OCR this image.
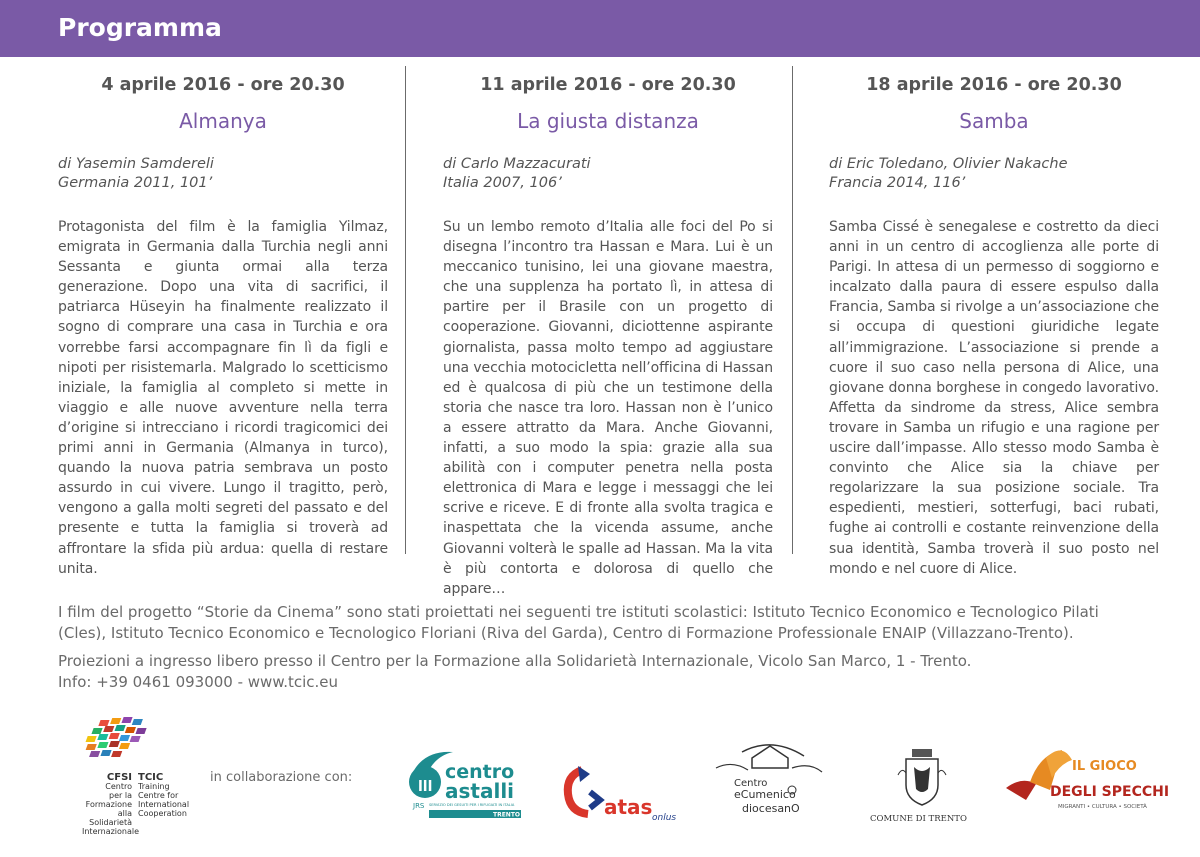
Programma
4 aprile 2016 - ore 20.30
Almanya
di Yasemin Samdereli
Germania 2011, 101’
Protagonista del film è la famiglia Yilmaz, emigrata in Germania dalla Turchia negli anni Sessanta e giunta ormai alla terza generazione. Dopo una vita di sacrifici, il patriarca Hüseyin ha finalmente realizzato il sogno di comprare una casa in Turchia e ora vorrebbe farsi accompagnare fin lì da figli e nipoti per risistemarla. Malgrado lo scetticismo iniziale, la famiglia al completo si mette in viaggio e alle nuove avventure nella terra d’origine si intrecciano i ricordi tragicomici dei primi anni in Germania (Almanya in turco), quando la nuova patria sembrava un posto assurdo in cui vivere. Lungo il tragitto, però, vengono a galla molti segreti del passato e del presente e tutta la famiglia si troverà ad affrontare la sfida più ardua: quella di restare unita.
11 aprile 2016 - ore 20.30
La giusta distanza
di Carlo Mazzacurati
Italia 2007, 106’
Su un lembo remoto d’Italia alle foci del Po si disegna l’incontro tra Hassan e Mara. Lui è un meccanico tunisino, lei una giovane maestra, che una supplenza ha portato lì, in attesa di partire per il Brasile con un progetto di cooperazione. Giovanni, diciottenne aspirante giornalista, passa molto tempo ad aggiustare una vecchia motocicletta nell’officina di Hassan ed è qualcosa di più che un testimone della storia che nasce tra loro. Hassan non è l’unico a essere attratto da Mara. Anche Giovanni, infatti, a suo modo la spia: grazie alla sua abilità con i computer penetra nella posta elettronica di Mara e legge i messaggi che lei scrive e riceve. E di fronte alla svolta tragica e inaspettata che la vicenda assume, anche Giovanni volterà le spalle ad Hassan. Ma la vita è più contorta e dolorosa di quello che appare…
18 aprile 2016 - ore 20.30
Samba
di Eric Toledano, Olivier Nakache
Francia 2014, 116’
Samba Cissé è senegalese e costretto da dieci anni in un centro di accoglienza alle porte di Parigi. In attesa di un permesso di soggiorno e incalzato dalla paura di essere espulso dalla Francia, Samba si rivolge a un’associazione che si occupa di questioni giuridiche legate all’immigrazione. L’associazione si prende a cuore il suo caso nella persona di Alice, una giovane donna borghese in congedo lavorativo. Affetta da sindrome da stress, Alice sembra trovare in Samba un rifugio e una ragione per uscire dall’impasse. Allo stesso modo Samba è convinto che Alice sia la chiave per regolarizzare la sua posizione sociale. Tra espedienti, mestieri, sotterfugi, baci rubati, fughe ai controlli e costante reinvenzione della sua identità, Samba troverà il suo posto nel mondo e nel cuore di Alice.

I film del progetto “Storie da Cinema” sono stati proiettati nei seguenti tre istituti scolastici: Istituto Tecnico Economico e Tecnologico Pilati (Cles), Istituto Tecnico Economico e Tecnologico Floriani (Riva del Garda), Centro di Formazione Professionale ENAIP (Villazzano-Trento).

Proiezioni a ingresso libero presso il Centro per la Formazione alla Solidarietà Internazionale, Vicolo San Marco, 1 - Trento.

Info: +39 0461 093000 - www.tcic.eu

CFSI
Centro
per la Formazione
alla Solidarietà
Internazionale
TCIC
Training
Centre for
International
Cooperation
in collaborazione con:	ꞁꞁꞁ
centro
astalli
JRS SERVIZIO DEI GESUITI PER I RIFUGIATI IN ITALIA
TRENTO	atas onlus
Centro
eCumenico
diocesanO
COMUNE DI TRENTO
IL GIOCO
DEGLI SPECCHI
MIGRANTI • CULTURA • SOCIETÀ
